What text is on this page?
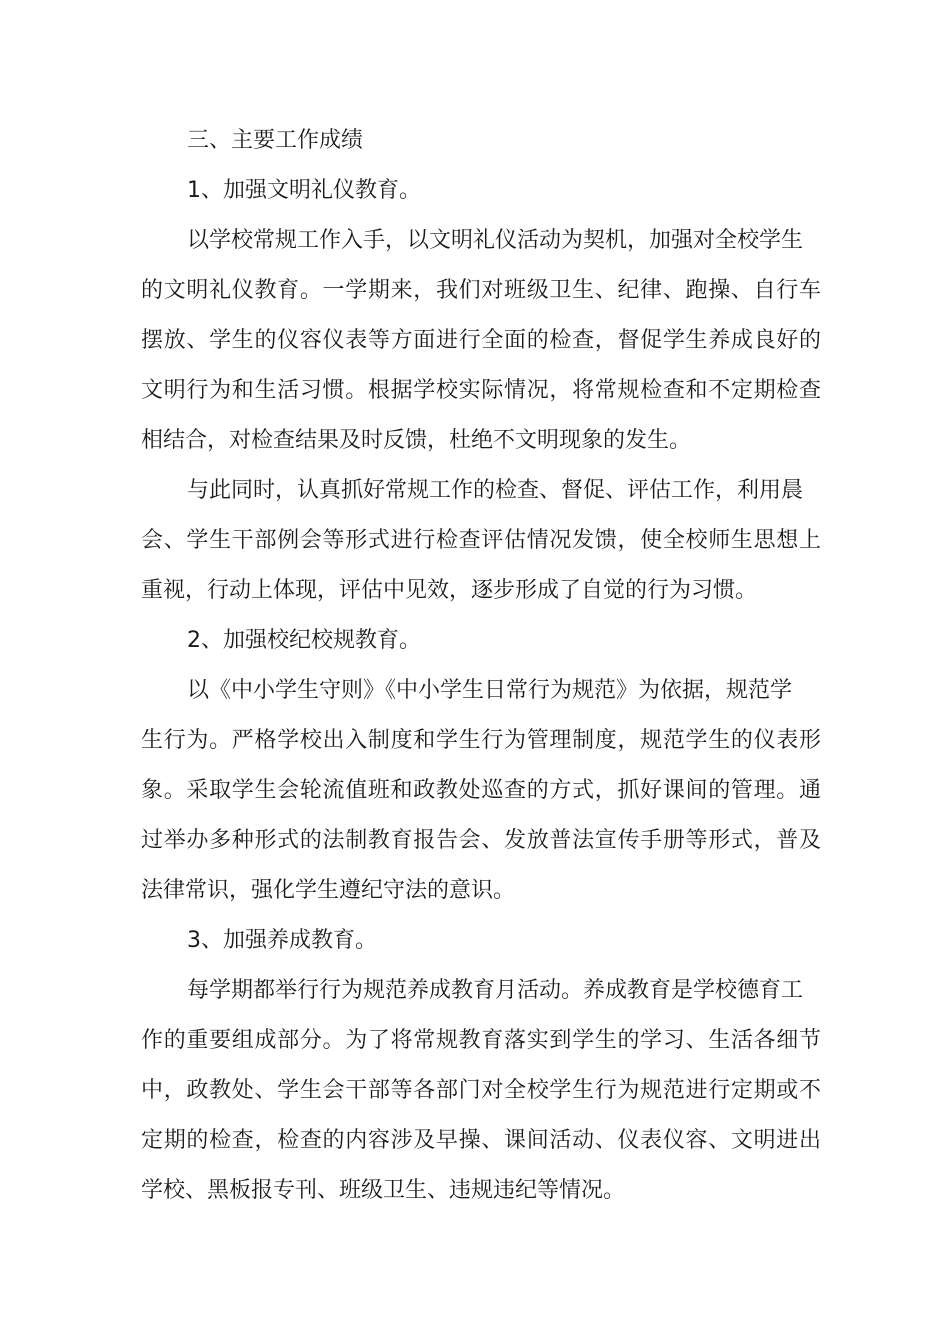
三、主要工作成绩

1、加强文明礼仪教育。

以学校常规工作入手，以文明礼仪活动为契机，加强对全校学生

的文明礼仪教育。一学期来，我们对班级卫生、纪律、跑操、自行车

摆放、学生的仪容仪表等方面进行全面的检查，督促学生养成良好的

文明行为和生活习惯。根据学校实际情况，将常规检查和不定期检查

相结合，对检查结果及时反馈，杜绝不文明现象的发生。

与此同时，认真抓好常规工作的检查、督促、评估工作，利用晨

会、学生干部例会等形式进行检查评估情况发馈，使全校师生思想上

重视，行动上体现，评估中见效，逐步形成了自觉的行为习惯。

2、加强校纪校规教育。

以《中小学生守则》《中小学生日常行为规范》为依据，规范学

生行为。严格学校出入制度和学生行为管理制度，规范学生的仪表形

象。采取学生会轮流值班和政教处巡查的方式，抓好课间的管理。通

过举办多种形式的法制教育报告会、发放普法宣传手册等形式，普及

法律常识，强化学生遵纪守法的意识。

3、加强养成教育。

每学期都举行行为规范养成教育月活动。养成教育是学校德育工

作的重要组成部分。为了将常规教育落实到学生的学习、生活各细节

中，政教处、学生会干部等各部门对全校学生行为规范进行定期或不

定期的检查，检查的内容涉及早操、课间活动、仪表仪容、文明进出

学校、黑板报专刊、班级卫生、违规违纪等情况。
